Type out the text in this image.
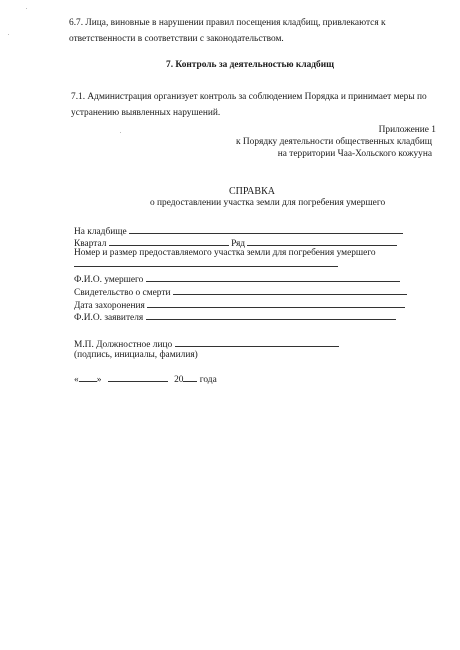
6.7. Лица, виновные в нарушении правил посещения кладбищ, привлекаются к
ответственности в соответствии с законодательством.
7. Контроль за деятельностью кладбищ
7.1. Администрация организует контроль за соблюдением Порядка и принимает меры по
устранению выявленных нарушений.
Приложение 1
к Порядку деятельности общественных кладбищ
на территории Чаа-Хольского кожууна
СПРАВКА
о предоставлении участка земли для погребения умершего
На кладбище
Квартал	Ряд
Номер и размер предоставляемого участка земли для погребения умершего
Ф.И.О. умершего
Свидетельство о смерти
Дата захоронения
Ф.И.О. заявителя
М.П. Должностное лицо
(подпись, инициалы, фамилия)
« »	20 года
